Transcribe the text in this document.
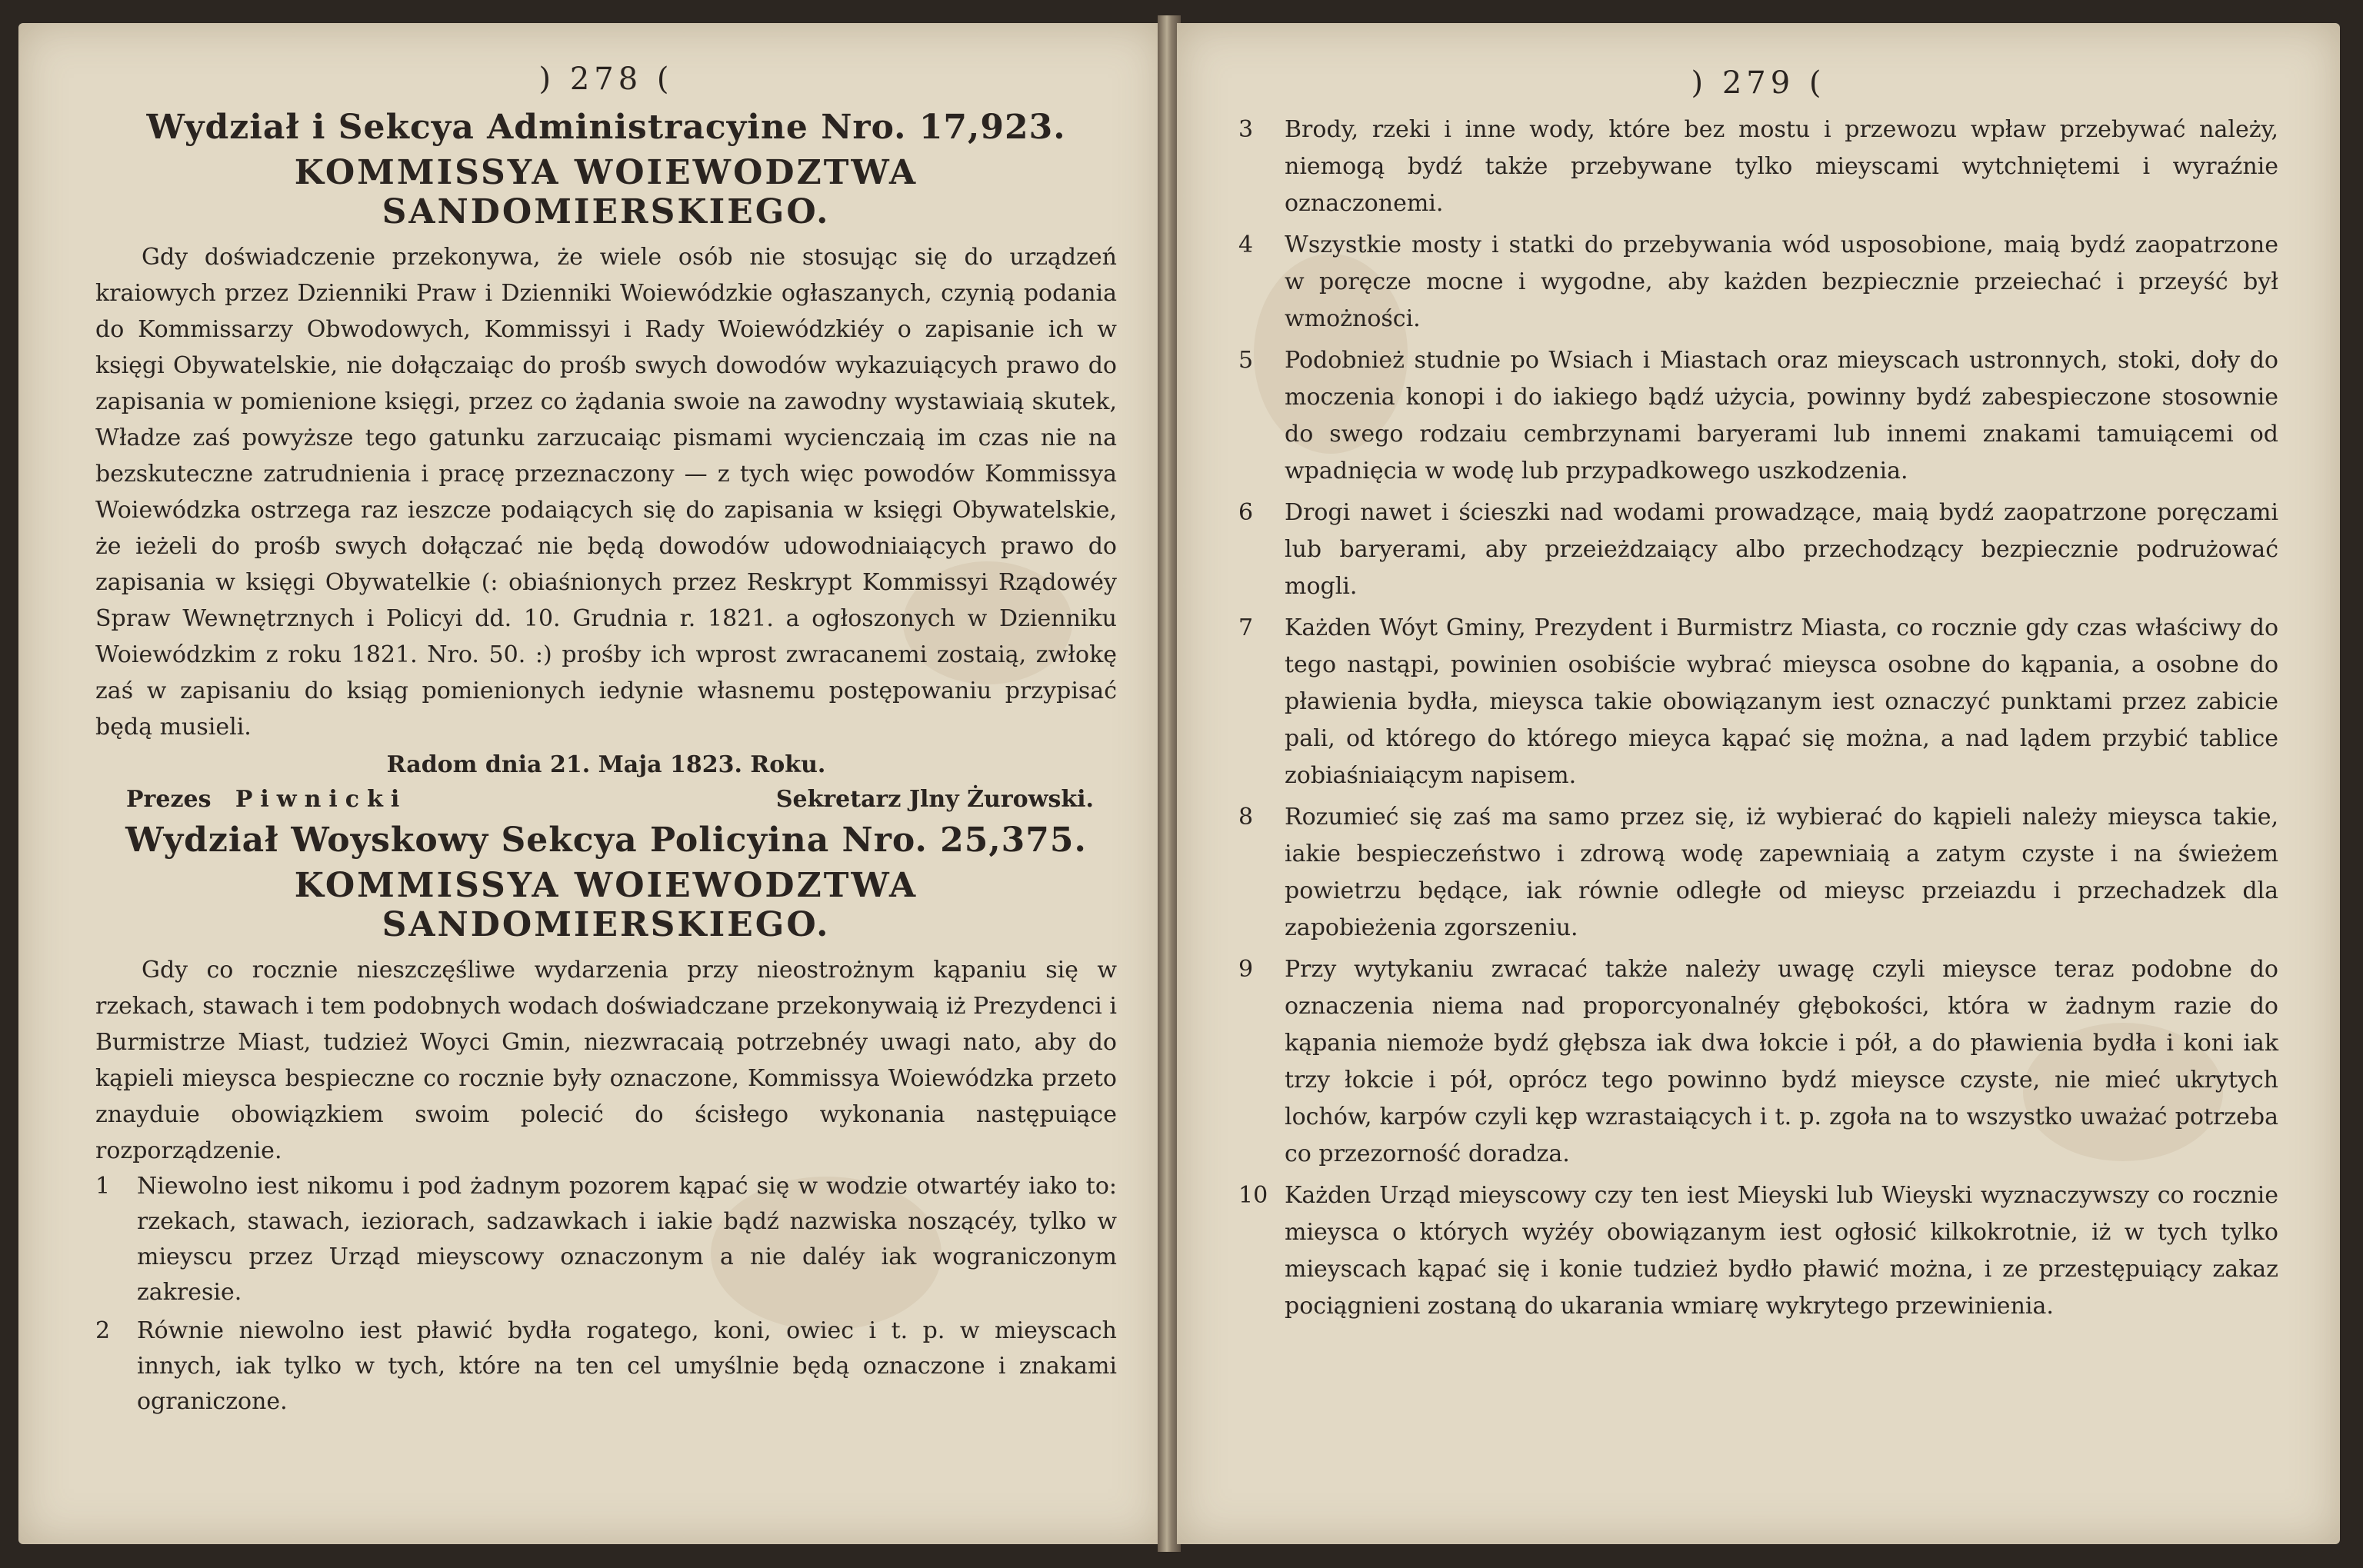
) 278 (
Wydział i Sekcya Administracyine Nro. 17,923.
KOMMISSYA WOIEWODZTWA SANDOMIERSKIEGO.

Gdy doświadczenie przekonywa, że wiele osób nie stosując się do urządzeń kraiowych przez Dzienniki Praw i Dzienniki Woiewódzkie ogłaszanych, czynią podania do Kommissarzy Obwodowych, Kommissyi i Rady Woiewódzkiéy o zapisanie ich w księgi Obywatelskie, nie dołączaiąc do prośb swych dowodów wykazuiących prawo do zapisania w pomienione księgi, przez co żądania swoie na zawodny wystawiaią skutek, Władze zaś powyższe tego gatunku zarzucaiąc pismami wycienczaią im czas nie na bezskuteczne zatrudnienia i pracę przeznaczony — z tych więc powodów Kommissya Woiewódzka ostrzega raz ieszcze podaiących się do zapisania w księgi Obywatelskie, że ieżeli do prośb swych dołączać nie będą dowodów udowodniaiących prawo do zapisania w księgi Obywatelkie (: obiaśnionych przez Reskrypt Kommissyi Rządowéy Spraw Wewnętrznych i Policyi dd. 10. Grudnia r. 1821. a ogłoszonych w Dzienniku Woiewódzkim z roku 1821. Nro. 50. :) prośby ich wprost zwracanemi zostaią, zwłokę zaś w zapisaniu do ksiąg pomienionych iedynie własnemu postępowaniu przypisać będą musieli.

Radom dnia 21. Maja 1823. Roku.
Prezes Piwnicki	Sekretarz Jlny Żurowski.
Wydział Woyskowy Sekcya Policyina Nro. 25,375.
KOMMISSYA WOIEWODZTWA SANDOMIERSKIEGO.

Gdy co rocznie nieszczęśliwe wydarzenia przy nieostrożnym kąpaniu się w rzekach, stawach i tem podobnych wodach doświadczane przekonywaią iż Prezydenci i Burmistrze Miast, tudzież Woyci Gmin, niezwracaią potrzebnéy uwagi nato, aby do kąpieli mieysca bespieczne co rocznie były oznaczone, Kommissya Woiewódzka przeto znayduie obowiązkiem swoim polecić do ścisłego wykonania następuiące rozporządzenie.

1	Niewolno iest nikomu i pod żadnym pozorem kąpać się w wodzie otwartéy iako to: rzekach, stawach, ieziorach, sadzawkach i iakie bądź nazwiska noszącéy, tylko w mieyscu przez Urząd mieyscowy oznaczonym a nie daléy iak wograniczonym zakresie.
2	Równie niewolno iest pławić bydła rogatego, koni, owiec i t. p. w mieyscach innych, iak tylko w tych, które na ten cel umyślnie będą oznaczone i znakami ograniczone.
) 279 (
3	Brody, rzeki i inne wody, które bez mostu i przewozu wpław przebywać należy, niemogą bydź także przebywane tylko mieyscami wytchniętemi i wyraźnie oznaczonemi.
4	Wszystkie mosty i statki do przebywania wód usposobione, maią bydź zaopatrzone w poręcze mocne i wygodne, aby każden bezpiecznie przeiechać i przeyść był wmożności.
5	Podobnież studnie po Wsiach i Miastach oraz mieyscach ustronnych, stoki, doły do moczenia konopi i do iakiego bądź użycia, powinny bydź zabespieczone stosownie do swego rodzaiu cembrzynami baryerami lub innemi znakami tamuiącemi od wpadnięcia w wodę lub przypadkowego uszkodzenia.
6	Drogi nawet i ścieszki nad wodami prowadzące, maią bydź zaopatrzone poręczami lub baryerami, aby przeieżdzaiący albo przechodzący bezpiecznie podrużować mogli.
7	Każden Wóyt Gminy, Prezydent i Burmistrz Miasta, co rocznie gdy czas właściwy do tego nastąpi, powinien osobiście wybrać mieysca osobne do kąpania, a osobne do pławienia bydła, mieysca takie obowiązanym iest oznaczyć punktami przez zabicie pali, od którego do którego mieyca kąpać się można, a nad lądem przybić tablice zobiaśniaiącym napisem.
8	Rozumieć się zaś ma samo przez się, iż wybierać do kąpieli należy mieysca takie, iakie bespieczeństwo i zdrową wodę zapewniaią a zatym czyste i na świeżem powietrzu będące, iak równie odległe od mieysc przeiazdu i przechadzek dla zapobieżenia zgorszeniu.
9	Przy wytykaniu zwracać także należy uwagę czyli mieysce teraz podobne do oznaczenia niema nad proporcyonalnéy głębokości, która w żadnym razie do kąpania niemoże bydź głębsza iak dwa łokcie i pół, a do pławienia bydła i koni iak trzy łokcie i pół, oprócz tego powinno bydź mieysce czyste, nie mieć ukrytych lochów, karpów czyli kęp wzrastaiących i t. p. zgoła na to wszystko uważać potrzeba co przezorność doradza.
10 Każden Urząd mieyscowy czy ten iest Mieyski lub Wieyski wyznaczywszy co rocznie mieysca o których wyżéy obowiązanym iest ogłosić kilkokrotnie, iż w tych tylko mieyscach kąpać się i konie tudzież bydło pławić można, i ze przestępuiący zakaz pociągnieni zostaną do ukarania wmiarę wykrytego przewinienia.
